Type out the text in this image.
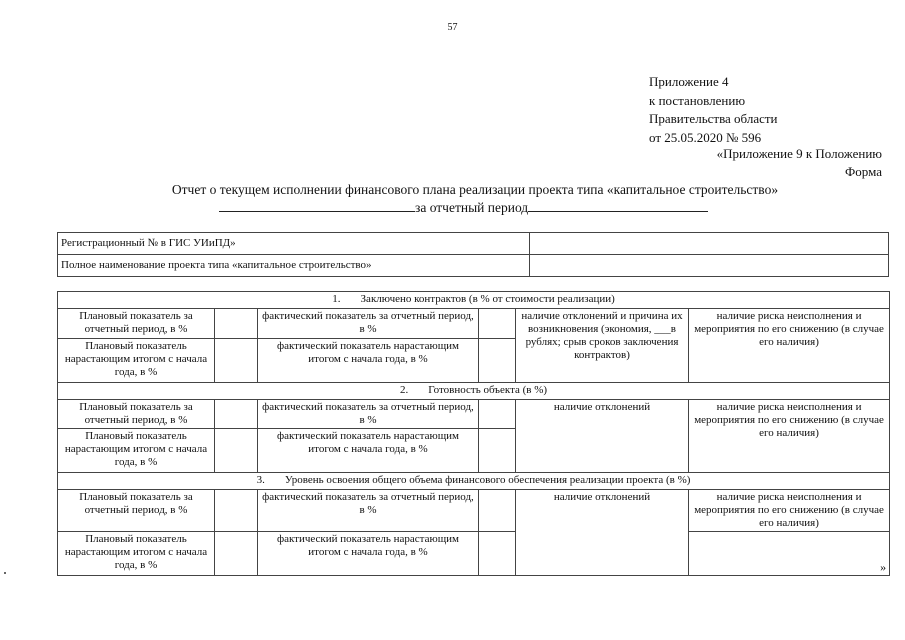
57
Приложение 4
к постановлению
Правительства области
от 25.05.2020 № 596
«Приложение 9 к Положению
Форма
Отчет о текущем исполнении финансового плана реализации проекта типа «капитальное строительство»
за отчетный период
Регистрационный № в ГИС УИиПД»	
Полное наименование проекта типа «капитальное строительство»	
1. Заключено контрактов (в % от стоимости реализации)					
Плановый показатель за отчетный период, в %		фактический показатель за отчетный период, в %		наличие отклонений и причина их возникновения (экономия, ___в рублях; срыв сроков заключения контрактов)	наличие риска неисполнения и мероприятия по его снижению (в случае его наличия)
Плановый показатель нарастающим итогом с начала года, в %		фактический показатель нарастающим итогом с начала года, в %			
2. Готовность объекта (в %)					
Плановый показатель за отчетный период, в %		фактический показатель за отчетный период, в %		наличие отклонений	наличие риска неисполнения и мероприятия по его снижению (в случае его наличия)
Плановый показатель нарастающим итогом с начала года, в %		фактический показатель нарастающим итогом с начала года, в %			
3. Уровень освоения общего объема финансового обеспечения реализации проекта (в %)					
Плановый показатель за отчетный период, в %		фактический показатель за отчетный период, в %		наличие отклонений	наличие риска неисполнения и мероприятия по его снижению (в случае его наличия)
Плановый показатель нарастающим итогом с начала года, в %		фактический показатель нарастающим итогом с начала года, в %			»
